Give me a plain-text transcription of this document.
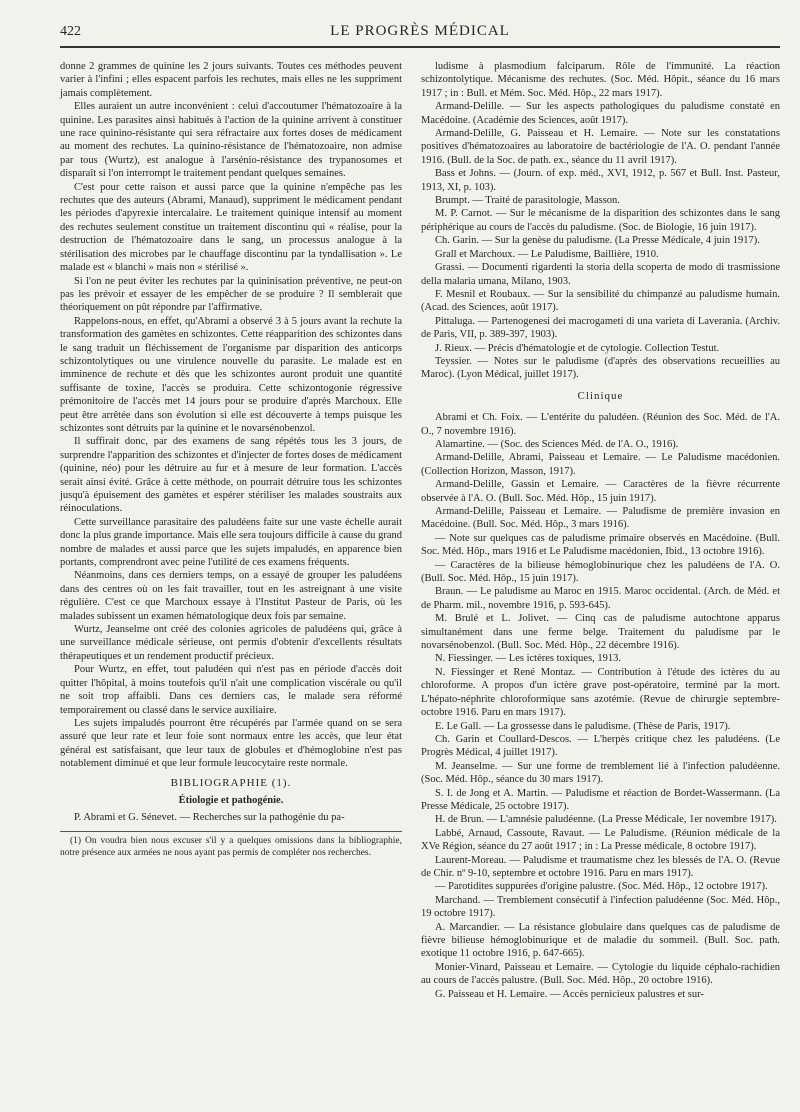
422	LE PROGRÈS MÉDICAL

donne 2 grammes de quinine les 2 jours suivants. Toutes ces méthodes peuvent varier à l'infini ; elles espacent parfois les rechutes, mais elles ne les suppriment jamais complètement.

Elles auraient un autre inconvénient : celui d'accoutumer l'hématozoaire à la quinine. Les parasites ainsi habitués à l'action de la quinine arrivent à constituer une race quinino-résistante qui sera réfractaire aux fortes doses de médicament au moment des rechutes. La quinino-résistance de l'hématozoaire, non admise par tous (Wurtz), est analogue à l'arsénio-résistance des trypanosomes et disparaît si l'on interrompt le traitement pendant quelques semaines.

C'est pour cette raison et aussi parce que la quinine n'empêche pas les rechutes que des auteurs (Abrami, Manaud), suppriment le médicament pendant les périodes d'apyrexie intercalaire. Le traitement quinique intensif au moment des rechutes seulement constitue un traitement discontinu qui « réalise, pour la destruction de l'hématozoaire dans le sang, un processus analogue à la stérilisation des microbes par le chauffage discontinu par la tyndallisation ». Le malade est « blanchi » mais non « stérilisé ».

Si l'on ne peut éviter les rechutes par la quininisation préventive, ne peut-on pas les prévoir et essayer de les empêcher de se produire ? Il semblerait que théoriquement on pût répondre par l'affirmative.

Rappelons-nous, en effet, qu'Abrami a observé 3 à 5 jours avant la rechute la transformation des gamètes en schizontes. Cette réapparition des schizontes dans le sang traduit un fléchissement de l'organisme par disparition des anticorps schizontolytiques ou une virulence nouvelle du parasite. Le malade est en imminence de rechute et dès que les schizontes auront produit une quantité suffisante de toxine, l'accès se produira. Cette schizontogonie régressive prémonitoire de l'accès met 14 jours pour se produire d'après Marchoux. Elle peut être arrêtée dans son évolution si elle est découverte à temps puisque les schizontes sont détruits par la quinine et le novarsénobenzol.

Il suffirait donc, par des examens de sang répétés tous les 3 jours, de surprendre l'apparition des schizontes et d'injecter de fortes doses de médicament (quinine, néo) pour les détruire au fur et à mesure de leur formation. L'accès serait ainsi évité. Grâce à cette méthode, on pourrait détruire tous les schizontes jusqu'à épuisement des gamètes et espérer stériliser les malades soustraits aux réinoculations.

Cette surveillance parasitaire des paludéens faite sur une vaste échelle aurait donc la plus grande importance. Mais elle sera toujours difficile à cause du grand nombre de malades et aussi parce que les sujets impaludés, en apparence bien portants, comprendront avec peine l'utilité de ces examens fréquents.

Néanmoins, dans ces derniers temps, on a essayé de grouper les paludéens dans des centres où on les fait travailler, tout en les astreignant à une visite régulière. C'est ce que Marchoux essaye à l'Institut Pasteur de Paris, où les malades subissent un examen hématologique deux fois par semaine.

Wurtz, Jeanselme ont créé des colonies agricoles de paludéens qui, grâce à une surveillance médicale sérieuse, ont permis d'obtenir d'excellents résultats thérapeutiques et un rendement productif précieux.

Pour Wurtz, en effet, tout paludéen qui n'est pas en période d'accès doit quitter l'hôpital, à moins toutefois qu'il n'ait une complication viscérale ou qu'il ne soit trop affaibli. Dans ces derniers cas, le malade sera réformé temporairement ou classé dans le service auxiliaire.

Les sujets impaludés pourront être récupérés par l'armée quand on se sera assuré que leur rate et leur foie sont normaux entre les accès, que leur état général est satisfaisant, que leur taux de globules et d'hémoglobine n'est pas notablement diminué et que leur formule leucocytaire reste normale.

BIBLIOGRAPHIE (1).
Étiologie et pathogénie.

P. Abrami et G. Sénevet. — Recherches sur la pathogénie du pa-

(1) On voudra bien nous excuser s'il y a quelques omissions dans la bibliographie, notre présence aux armées ne nous ayant pas permis de compléter nos recherches.

ludisme à plasmodium falciparum. Rôle de l'immunité. La réaction schizontolytique. Mécanisme des rechutes. (Soc. Méd. Hôpit., séance du 16 mars 1917 ; in : Bull. et Mém. Soc. Méd. Hôp., 22 mars 1917).

Armand-Delille. — Sur les aspects pathologiques du paludisme constaté en Macédoine. (Académie des Sciences, août 1917).

Armand-Delille, G. Paisseau et H. Lemaire. — Note sur les constatations positives d'hématozoaires au laboratoire de bactériologie de l'A. O. pendant l'année 1916. (Bull. de la Soc. de path. ex., séance du 11 avril 1917).

Bass et Johns. — (Journ. of exp. méd., XVI, 1912, p. 567 et Bull. Inst. Pasteur, 1913, XI, p. 103).

Brumpt. — Traité de parasitologie, Masson.

M. P. Carnot. — Sur le mécanisme de la disparition des schizontes dans le sang périphérique au cours de l'accès du paludisme. (Soc. de Biologie, 16 juin 1917).

Ch. Garin. — Sur la genèse du paludisme. (La Presse Médicale, 4 juin 1917).

Grall et Marchoux. — Le Paludisme, Baillière, 1910.

Grassi. — Documenti rigardenti la storia della scoperta de modo di trasmissione della malaria umana, Milano, 1903.

F. Mesnil et Roubaux. — Sur la sensibilité du chimpanzé au paludisme humain. (Acad. des Sciences, août 1917).

Pittaluga. — Partenogenesi dei macrogameti di una varieta di Laverania. (Archiv. de Paris, VII, p. 389-397, 1903).

J. Rieux. — Précis d'hématologie et de cytologie. Collection Testut.

Teyssier. — Notes sur le paludisme (d'après des observations recueillies au Maroc). (Lyon Médical, juillet 1917).

Clinique

Abrami et Ch. Foix. — L'entérite du paludéen. (Réunion des Soc. Méd. de l'A. O., 7 novembre 1916).

Alamartine. — (Soc. des Sciences Méd. de l'A. O., 1916).

Armand-Delille, Abrami, Paisseau et Lemaire. — Le Paludisme macédonien. (Collection Horizon, Masson, 1917).

Armand-Delille, Gassin et Lemaire. — Caractères de la fièvre récurrente observée à l'A. O. (Bull. Soc. Méd. Hôp., 15 juin 1917).

Armand-Delille, Paisseau et Lemaire. — Paludisme de première invasion en Macédoine. (Bull. Soc. Méd. Hôp., 3 mars 1916).

— Note sur quelques cas de paludisme primaire observés en Macédoine. (Bull. Soc. Méd. Hôp., mars 1916 et Le Paludisme macédonien, Ibid., 13 octobre 1916).

— Caractères de la bilieuse hémoglobinurique chez les paludéens de l'A. O. (Bull. Soc. Méd. Hôp., 15 juin 1917).

Braun. — Le paludisme au Maroc en 1915. Maroc occidental. (Arch. de Méd. et de Pharm. mil., novembre 1916, p. 593-645).

M. Brulé et L. Jolivet. — Cinq cas de paludisme autochtone apparus simultanément dans une ferme belge. Traitement du paludisme par le novarsénobenzol. (Bull. Soc. Méd. Hôp., 22 décembre 1916).

N. Fiessinger. — Les ictères toxiques, 1913.

N. Fiessinger et René Montaz. — Contribution à l'étude des ictères du au chloroforme. A propos d'un ictère grave post-opératoire, terminé par la mort. L'hépato-néphrite chloroformique sans azotémie. (Revue de chirurgie septembre-octobre 1916. Paru en mars 1917).

E. Le Gall. — La grossesse dans le paludisme. (Thèse de Paris, 1917).

Ch. Garin et Coullard-Descos. — L'herpès critique chez les paludéens. (Le Progrès Médical, 4 juillet 1917).

M. Jeanselme. — Sur une forme de tremblement lié à l'infection paludéenne. (Soc. Méd. Hôp., séance du 30 mars 1917).

S. I. de Jong et A. Martin. — Paludisme et réaction de Bordet-Wassermann. (La Presse Médicale, 25 octobre 1917).

H. de Brun. — L'amnésie paludéenne. (La Presse Médicale, 1er novembre 1917).

Labbé, Arnaud, Cassoute, Ravaut. — Le Paludisme. (Réunion médicale de la XVe Région, séance du 27 août 1917 ; in : La Presse médicale, 8 octobre 1917).

Laurent-Moreau. — Paludisme et traumatisme chez les blessés de l'A. O. (Revue de Chir. nº 9-10, septembre et octobre 1916. Paru en mars 1917).

— Parotidites suppurées d'origine palustre. (Soc. Méd. Hôp., 12 octobre 1917).

Marchand. — Tremblement consécutif à l'infection paludéenne (Soc. Méd. Hôp., 19 octobre 1917).

A. Marcandier. — La résistance globulaire dans quelques cas de paludisme de fièvre bilieuse hémoglobinurique et de maladie du sommeil. (Bull. Soc. path. exotique 11 octobre 1916, p. 647-665).

Monier-Vinard, Paisseau et Lemaire. — Cytologie du liquide céphalo-rachidien au cours de l'accès palustre. (Bull. Soc. Méd. Hôp., 20 octobre 1916).

G. Paisseau et H. Lemaire. — Accès pernicieux palustres et sur-
